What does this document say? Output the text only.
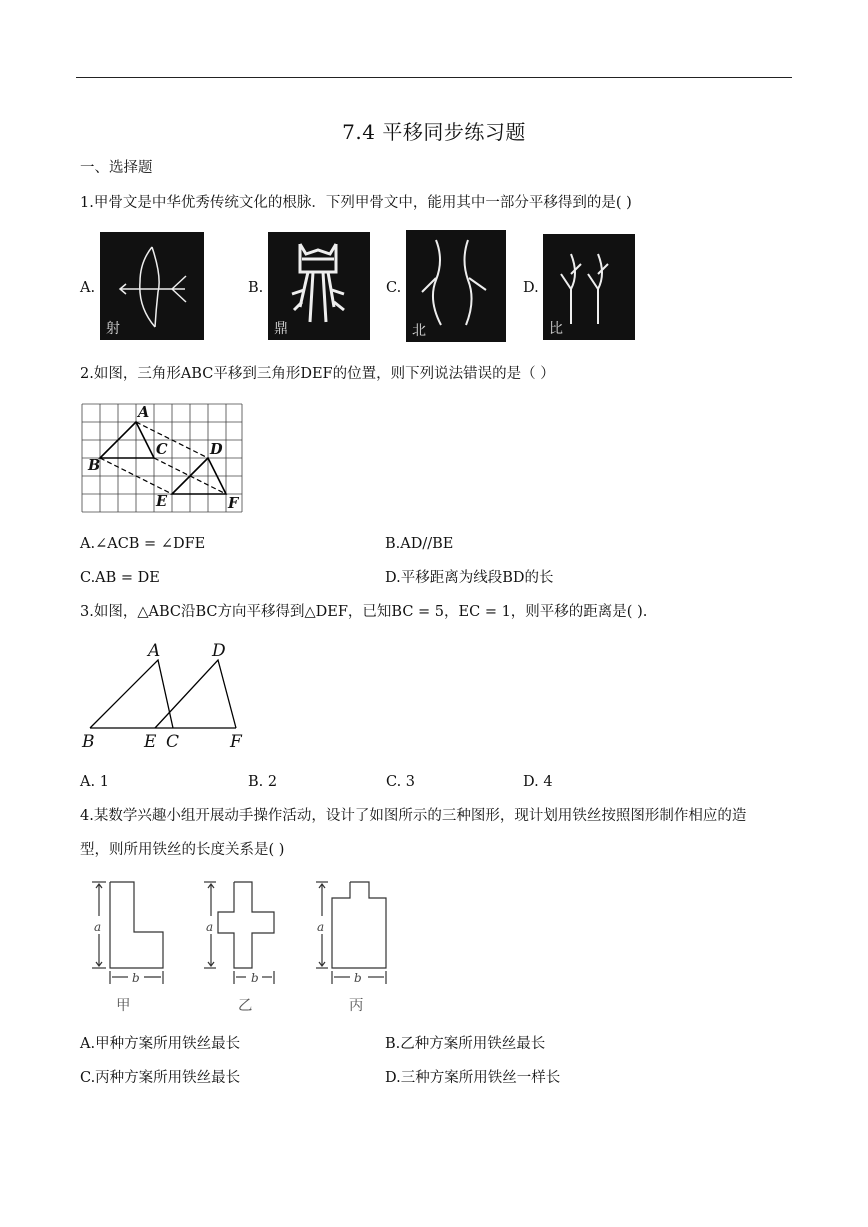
7.4 平移同步练习题
一、选择题
1.甲骨文是中华优秀传统文化的根脉．下列甲骨文中，能用其中一部分平移得到的是( )
A.
射
B.
鼎
C.
北
D.
比
2.如图，三角形ABC平移到三角形DEF的位置，则下列说法错误的是（ ）
A
B
C	D
E	F
A.∠ACB = ∠DFE	B.AD//BE
C.AB = DE	D.平移距离为线段BD的长
3.如图，△ABC沿BC方向平移得到△DEF，已知BC = 5，EC = 1，则平移的距离是( ).
A	D
B	E C	F
A. 1	B. 2	C. 3	D. 4
4.某数学兴趣小组开展动手操作活动，设计了如图所示的三种图形，现计划用铁丝按照图形制作相应的造
型，则所用铁丝的长度关系是( )
a
b
a
b
a
b
甲	乙	丙
A.甲种方案所用铁丝最长	B.乙种方案所用铁丝最长
C.丙种方案所用铁丝最长	D.三种方案所用铁丝一样长
